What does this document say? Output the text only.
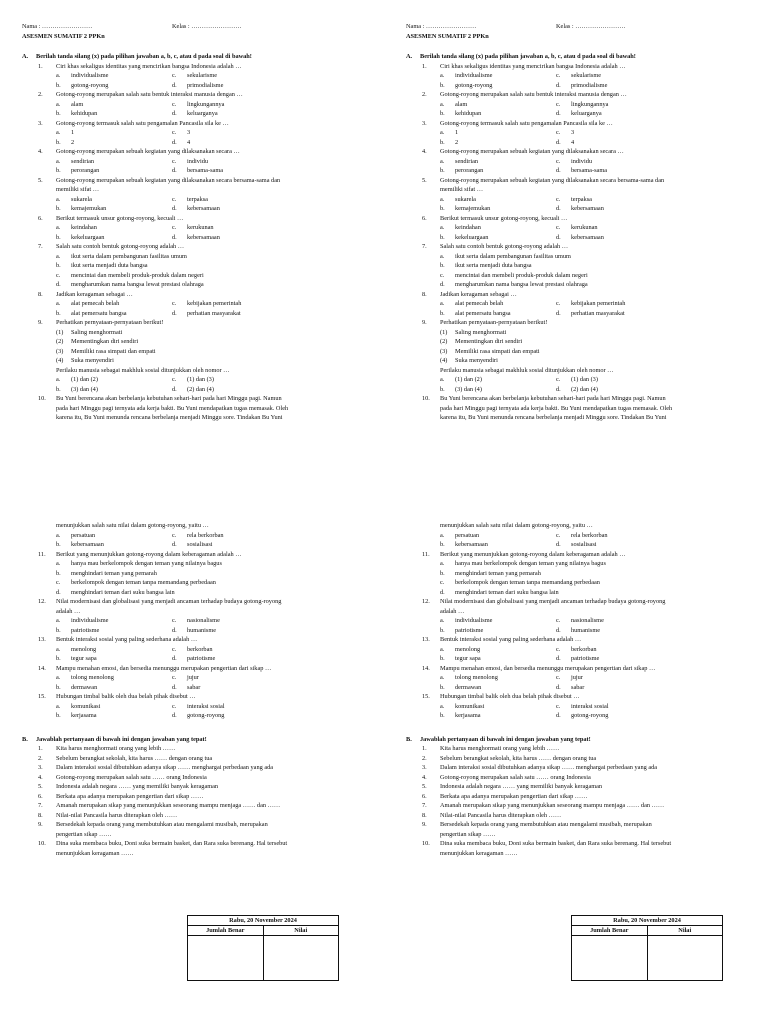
Nama : ……………………	Kelas : ……………………
ASESMEN SUMATIF 2 PPKn
A. Berilah tanda silang (x) pada pilihan jawaban a, b, c, atau d pada soal di bawah!
1. Ciri khas sekaligus identitas yang mencirikan bangsa Indonesia adalah …
a. individualisme	c. sekularisme
b. gotong-royong	d. primodialisme
2. Gotong-royong merupakan salah satu bentuk interaksi manusia dengan …
a. alam	c. lingkungannya
b. kehidupan	d. keluarganya
3. Gotong-royong termasuk salah satu pengamalan Pancasila sila ke …
a. 1	c. 3
b. 2	d. 4
4. Gotong-royong merupakan sebuah kegiatan yang dilaksanakan secara …
a. sendirian	c. individu
b. perorangan	d. bersama-sama
5. Gotong-royong merupakan sebuah kegiatan yang dilaksanakan secara bersama-sama dan
memiliki sifat …
a. sukarela	c. terpaksa
b. kemajemukan	d. kebersamaan
6. Berikut termasuk unsur gotong-royong, kecuali …
a. keindahan	c. kerukunan
b. kekeluargaan	d. kebersamaan
7. Salah satu contoh bentuk gotong-royong adalah …
a. ikut serta dalam pembangunan fasilitas umum
b. ikut serta menjadi duta bangsa
c. mencintai dan membeli produk-produk dalam negeri
d. mengharumkan nama bangsa lewat prestasi olahraga
8. Jadikan keragaman sebagai …
a. alat pemecah belah	c. kebijakan pemerintah
b. alat pemersatu bangsa	d. perhatian masyarakat
9. Perhatikan pernyataan-pernyataan berikut!
(1) Saling menghormati
(2) Mementingkan diri sendiri
(3) Memiliki rasa simpati dan empati
(4) Suka menyendiri
Perilaku manusia sebagai makhluk sosial ditunjukkan oleh nomor …
a. (1) dan (2)	c. (1) dan (3)
b. (3) dan (4)	d. (2) dan (4)
10. Bu Yuni berencana akan berbelanja kebutuhan sehari-hari pada hari Minggu pagi. Namun
pada hari Minggu pagi ternyata ada kerja bakti. Bu Yuni mendapatkan tugas memasak. Oleh
karena itu, Bu Yuni menunda rencana berbelanja menjadi Minggu sore. Tindakan Bu Yuni
menunjukkan salah satu nilai dalam gotong-royong, yaitu …
a. persatuan	c. rela berkorban
b. kebersamaan	d. sosialisasi
11. Berikut yang menunjukkan gotong-royong dalam keberagaman adalah …
a. hanya mau berkelompok dengan teman yang nilainya bagus
b. menghindari teman yang pemarah
c. berkelompok dengan teman tanpa memandang perbedaan
d. menghindari teman dari suku bangsa lain
12. Nilai modernisasi dan globalisasi yang menjadi ancaman terhadap budaya gotong-royong
adalah …
a. individualisme	c. nasionalisme
b. patriotisme	d. humanisme
13. Bentuk interaksi sosial yang paling sederhana adalah …
a. menolong	c. berkorban
b. tegur sapa	d. patriotisme
14. Mampu menahan emosi, dan bersedia menunggu merupakan pengertian dari sikap …
a. tolong menolong	c. jujur
b. dermawan	d. sabar
15. Hubungan timbal balik oleh dua belah pihak disebut …
a. komunikasi	c. interaksi sosial
b. kerjasama	d. gotong-royong
B. Jawablah pertanyaan di bawah ini dengan jawaban yang tepat!
1. Kita harus menghormati orang yang lebih ……
2. Sebelum berangkat sekolah, kita harus …… dengan orang tua
3. Dalam interaksi sosial dibutuhkan adanya sikap …… menghargai perbedaan yang ada
4. Gotong-royong merupakan salah satu …… orang Indonesia
5. Indonesia adalah negara …… yang memiliki banyak keragaman
6. Berkata apa adanya merupakan pengertian dari sikap ……
7. Amanah merupakan sikap yang menunjukkan seseorang mampu menjaga …… dan ……
8. Nilai-nilai Pancasila harus diterapkan oleh ……
9. Bersedekah kepada orang yang membutuhkan atau mengalami musibah, merupakan
pengertian sikap ……
10. Dina suka membaca buku, Doni suka bermain basket, dan Rara suka berenang. Hal tersebut
menunjukkan keragaman ……
Rabu, 20 November 2024
Jumlah Benar	Nilai
Nama : ……………………	Kelas : ……………………
ASESMEN SUMATIF 2 PPKn
A. Berilah tanda silang (x) pada pilihan jawaban a, b, c, atau d pada soal di bawah!
1. Ciri khas sekaligus identitas yang mencirikan bangsa Indonesia adalah …
a. individualisme	c. sekularisme
b. gotong-royong	d. primodialisme
2. Gotong-royong merupakan salah satu bentuk interaksi manusia dengan …
a. alam	c. lingkungannya
b. kehidupan	d. keluarganya
3. Gotong-royong termasuk salah satu pengamalan Pancasila sila ke …
a. 1	c. 3
b. 2	d. 4
4. Gotong-royong merupakan sebuah kegiatan yang dilaksanakan secara …
a. sendirian	c. individu
b. perorangan	d. bersama-sama
5. Gotong-royong merupakan sebuah kegiatan yang dilaksanakan secara bersama-sama dan
memiliki sifat …
a. sukarela	c. terpaksa
b. kemajemukan	d. kebersamaan
6. Berikut termasuk unsur gotong-royong, kecuali …
a. keindahan	c. kerukunan
b. kekeluargaan	d. kebersamaan
7. Salah satu contoh bentuk gotong-royong adalah …
a. ikut serta dalam pembangunan fasilitas umum
b. ikut serta menjadi duta bangsa
c. mencintai dan membeli produk-produk dalam negeri
d. mengharumkan nama bangsa lewat prestasi olahraga
8. Jadikan keragaman sebagai …
a. alat pemecah belah	c. kebijakan pemerintah
b. alat pemersatu bangsa	d. perhatian masyarakat
9. Perhatikan pernyataan-pernyataan berikut!
(1) Saling menghormati
(2) Mementingkan diri sendiri
(3) Memiliki rasa simpati dan empati
(4) Suka menyendiri
Perilaku manusia sebagai makhluk sosial ditunjukkan oleh nomor …
a. (1) dan (2)	c. (1) dan (3)
b. (3) dan (4)	d. (2) dan (4)
10. Bu Yuni berencana akan berbelanja kebutuhan sehari-hari pada hari Minggu pagi. Namun
pada hari Minggu pagi ternyata ada kerja bakti. Bu Yuni mendapatkan tugas memasak. Oleh
karena itu, Bu Yuni menunda rencana berbelanja menjadi Minggu sore. Tindakan Bu Yuni
menunjukkan salah satu nilai dalam gotong-royong, yaitu …
a. persatuan	c. rela berkorban
b. kebersamaan	d. sosialisasi
11. Berikut yang menunjukkan gotong-royong dalam keberagaman adalah …
a. hanya mau berkelompok dengan teman yang nilainya bagus
b. menghindari teman yang pemarah
c. berkelompok dengan teman tanpa memandang perbedaan
d. menghindari teman dari suku bangsa lain
12. Nilai modernisasi dan globalisasi yang menjadi ancaman terhadap budaya gotong-royong
adalah …
a. individualisme	c. nasionalisme
b. patriotisme	d. humanisme
13. Bentuk interaksi sosial yang paling sederhana adalah …
a. menolong	c. berkorban
b. tegur sapa	d. patriotisme
14. Mampu menahan emosi, dan bersedia menunggu merupakan pengertian dari sikap …
a. tolong menolong	c. jujur
b. dermawan	d. sabar
15. Hubungan timbal balik oleh dua belah pihak disebut …
a. komunikasi	c. interaksi sosial
b. kerjasama	d. gotong-royong
B. Jawablah pertanyaan di bawah ini dengan jawaban yang tepat!
1. Kita harus menghormati orang yang lebih ……
2. Sebelum berangkat sekolah, kita harus …… dengan orang tua
3. Dalam interaksi sosial dibutuhkan adanya sikap …… menghargai perbedaan yang ada
4. Gotong-royong merupakan salah satu …… orang Indonesia
5. Indonesia adalah negara …… yang memiliki banyak keragaman
6. Berkata apa adanya merupakan pengertian dari sikap ……
7. Amanah merupakan sikap yang menunjukkan seseorang mampu menjaga …… dan ……
8. Nilai-nilai Pancasila harus diterapkan oleh ……
9. Bersedekah kepada orang yang membutuhkan atau mengalami musibah, merupakan
pengertian sikap ……
10. Dina suka membaca buku, Doni suka bermain basket, dan Rara suka berenang. Hal tersebut
menunjukkan keragaman ……
Rabu, 20 November 2024
Jumlah Benar	Nilai
